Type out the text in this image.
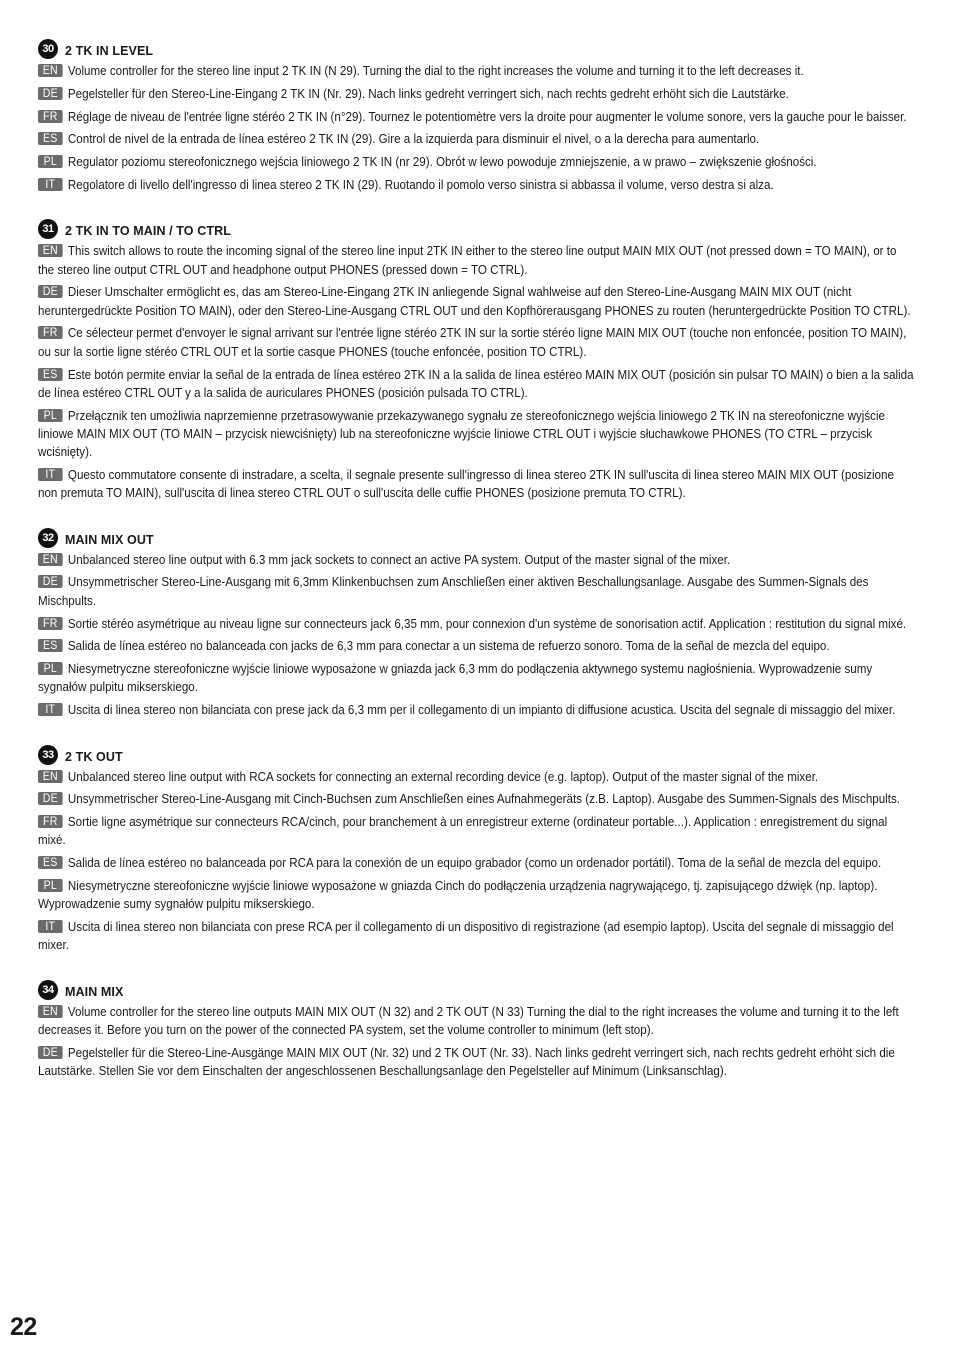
30 2 TK IN LEVEL

EN Volume controller for the stereo line input 2 TK IN (N 29). Turning the dial to the right increases the volume and turning it to the left decreases it.

DE Pegelsteller für den Stereo-Line-Eingang 2 TK IN (Nr. 29). Nach links gedreht verringert sich, nach rechts gedreht erhöht sich die Lautstärke.

FR Réglage de niveau de l'entrée ligne stéréo 2 TK IN (n°29). Tournez le potentiomètre vers la droite pour augmenter le volume sonore, vers la gauche pour le baisser.

ES Control de nivel de la entrada de línea estéreo 2 TK IN (29). Gire a la izquierda para disminuir el nivel, o a la derecha para aumentarlo.

PL Regulator poziomu stereofonicznego wejścia liniowego 2 TK IN (nr 29). Obrót w lewo powoduje zmniejszenie, a w prawo – zwiększenie głośności.

IT Regolatore di livello dell'ingresso di linea stereo 2 TK IN (29). Ruotando il pomolo verso sinistra si abbassa il volume, verso destra si alza.

31 2 TK IN TO MAIN / TO CTRL

EN This switch allows to route the incoming signal of the stereo line input 2TK IN either to the stereo line output MAIN MIX OUT (not pressed down = TO MAIN), or to the stereo line output CTRL OUT and headphone output PHONES (pressed down = TO CTRL).

DE Dieser Umschalter ermöglicht es, das am Stereo-Line-Eingang 2TK IN anliegende Signal wahlweise auf den Stereo-Line-Ausgang MAIN MIX OUT (nicht heruntergedrückte Position TO MAIN), oder den Stereo-Line-Ausgang CTRL OUT und den Kopfhörerausgang PHONES zu routen (heruntergedrückte Position TO CTRL).

FR Ce sélecteur permet d'envoyer le signal arrivant sur l'entrée ligne stéréo 2TK IN sur la sortie stéréo ligne MAIN MIX OUT (touche non enfoncée, position TO MAIN), ou sur la sortie ligne stéréo CTRL OUT et la sortie casque PHONES (touche enfoncée, position TO CTRL).

ES Este botón permite enviar la señal de la entrada de línea estéreo 2TK IN a la salida de línea estéreo MAIN MIX OUT (posición sin pulsar TO MAIN) o bien a la salida de línea estéreo CTRL OUT y a la salida de auriculares PHONES (posición pulsada TO CTRL).

PL Przełącznik ten umożliwia naprzemienne przetrasowywanie przekazywanego sygnału ze stereofonicznego wejścia liniowego 2 TK IN na stereofoniczne wyjście liniowe MAIN MIX OUT (TO MAIN – przycisk niewciśnięty) lub na stereofoniczne wyjście liniowe CTRL OUT i wyjście słuchawkowe PHONES (TO CTRL – przycisk wciśnięty).

IT Questo commutatore consente di instradare, a scelta, il segnale presente sull'ingresso di linea stereo 2TK IN sull'uscita di linea stereo MAIN MIX OUT (posizione non premuta TO MAIN), sull'uscita di linea stereo CTRL OUT o sull'uscita delle cuffie PHONES (posizione premuta TO CTRL).

32 MAIN MIX OUT

EN Unbalanced stereo line output with 6.3 mm jack sockets to connect an active PA system. Output of the master signal of the mixer.

DE Unsymmetrischer Stereo-Line-Ausgang mit 6,3mm Klinkenbuchsen zum Anschließen einer aktiven Beschallungsanlage. Ausgabe des Summen-Signals des Mischpults.

FR Sortie stéréo asymétrique au niveau ligne sur connecteurs jack 6,35 mm, pour connexion d'un système de sonorisation actif. Application : restitution du signal mixé.

ES Salida de línea estéreo no balanceada con jacks de 6,3 mm para conectar a un sistema de refuerzo sonoro. Toma de la señal de mezcla del equipo.

PL Niesymetryczne stereofoniczne wyjście liniowe wyposażone w gniazda jack 6,3 mm do podłączenia aktywnego systemu nagłośnienia. Wyprowadzenie sumy sygnałów pulpitu mikserskiego.

IT Uscita di linea stereo non bilanciata con prese jack da 6,3 mm per il collegamento di un impianto di diffusione acustica. Uscita del segnale di missaggio del mixer.

33 2 TK OUT

EN Unbalanced stereo line output with RCA sockets for connecting an external recording device (e.g. laptop). Output of the master signal of the mixer.

DE Unsymmetrischer Stereo-Line-Ausgang mit Cinch-Buchsen zum Anschließen eines Aufnahmegeräts (z.B. Laptop). Ausgabe des Summen-Signals des Mischpults.

FR Sortie ligne asymétrique sur connecteurs RCA/cinch, pour branchement à un enregistreur externe (ordinateur portable...). Application : enregistrement du signal mixé.

ES Salida de línea estéreo no balanceada por RCA para la conexión de un equipo grabador (como un ordenador portátil). Toma de la señal de mezcla del equipo.

PL Niesymetryczne stereofoniczne wyjście liniowe wyposażone w gniazda Cinch do podłączenia urządzenia nagrywającego, tj. zapisującego dźwięk (np. laptop). Wyprowadzenie sumy sygnałów pulpitu mikserskiego.

IT Uscita di linea stereo non bilanciata con prese RCA per il collegamento di un dispositivo di registrazione (ad esempio laptop). Uscita del segnale di missaggio del mixer.

34 MAIN MIX

EN Volume controller for the stereo line outputs MAIN MIX OUT (N 32) and 2 TK OUT (N 33) Turning the dial to the right increases the volume and turning it to the left decreases it. Before you turn on the power of the connected PA system, set the volume controller to minimum (left stop).

DE Pegelsteller für die Stereo-Line-Ausgänge MAIN MIX OUT (Nr. 32) und 2 TK OUT (Nr. 33). Nach links gedreht verringert sich, nach rechts gedreht erhöht sich die Lautstärke. Stellen Sie vor dem Einschalten der angeschlossenen Beschallungsanlage den Pegelsteller auf Minimum (Linksanschlag).

22
